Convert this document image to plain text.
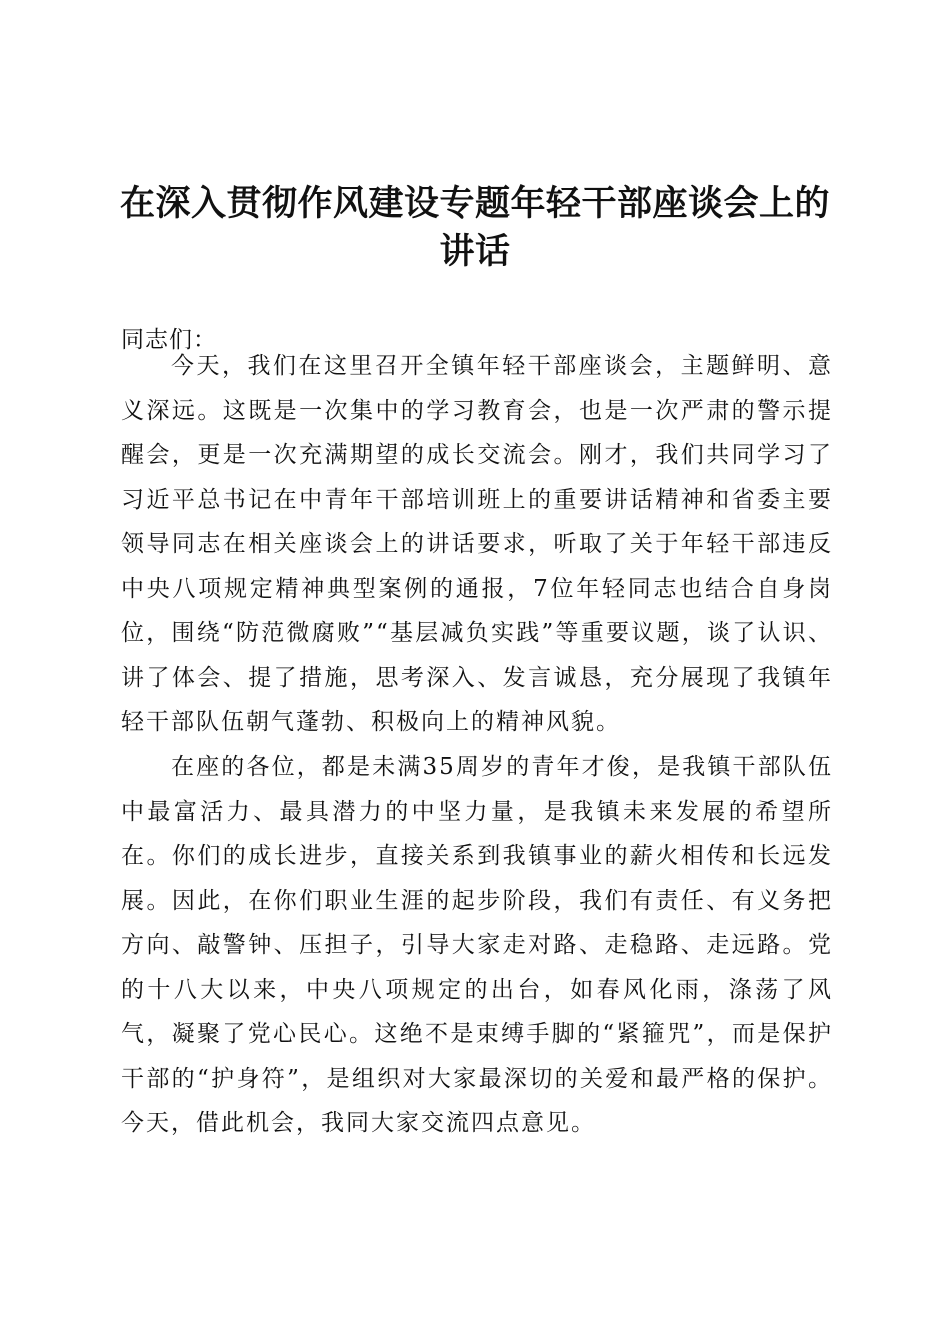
在深入贯彻作风建设专题年轻干部座谈会上的讲话
同志们：

今天，我们在这里召开全镇年轻干部座谈会，主题鲜明、意义深远。这既是一次集中的学习教育会，也是一次严肃的警示提醒会，更是一次充满期望的成长交流会。刚才，我们共同学习了习近平总书记在中青年干部培训班上的重要讲话精神和省委主要领导同志在相关座谈会上的讲话要求，听取了关于年轻干部违反中央八项规定精神典型案例的通报，7位年轻同志也结合自身岗位，围绕“防范微腐败”“基层减负实践”等重要议题，谈了认识、讲了体会、提了措施，思考深入、发言诚恳，充分展现了我镇年轻干部队伍朝气蓬勃、积极向上的精神风貌。

在座的各位，都是未满35周岁的青年才俊，是我镇干部队伍中最富活力、最具潜力的中坚力量，是我镇未来发展的希望所在。你们的成长进步，直接关系到我镇事业的薪火相传和长远发展。因此，在你们职业生涯的起步阶段，我们有责任、有义务把方向、敲警钟、压担子，引导大家走对路、走稳路、走远路。党的十八大以来，中央八项规定的出台，如春风化雨，涤荡了风气，凝聚了党心民心。这绝不是束缚手脚的“紧箍咒”，而是保护干部的“护身符”，是组织对大家最深切的关爱和最严格的保护。今天，借此机会，我同大家交流四点意见。
